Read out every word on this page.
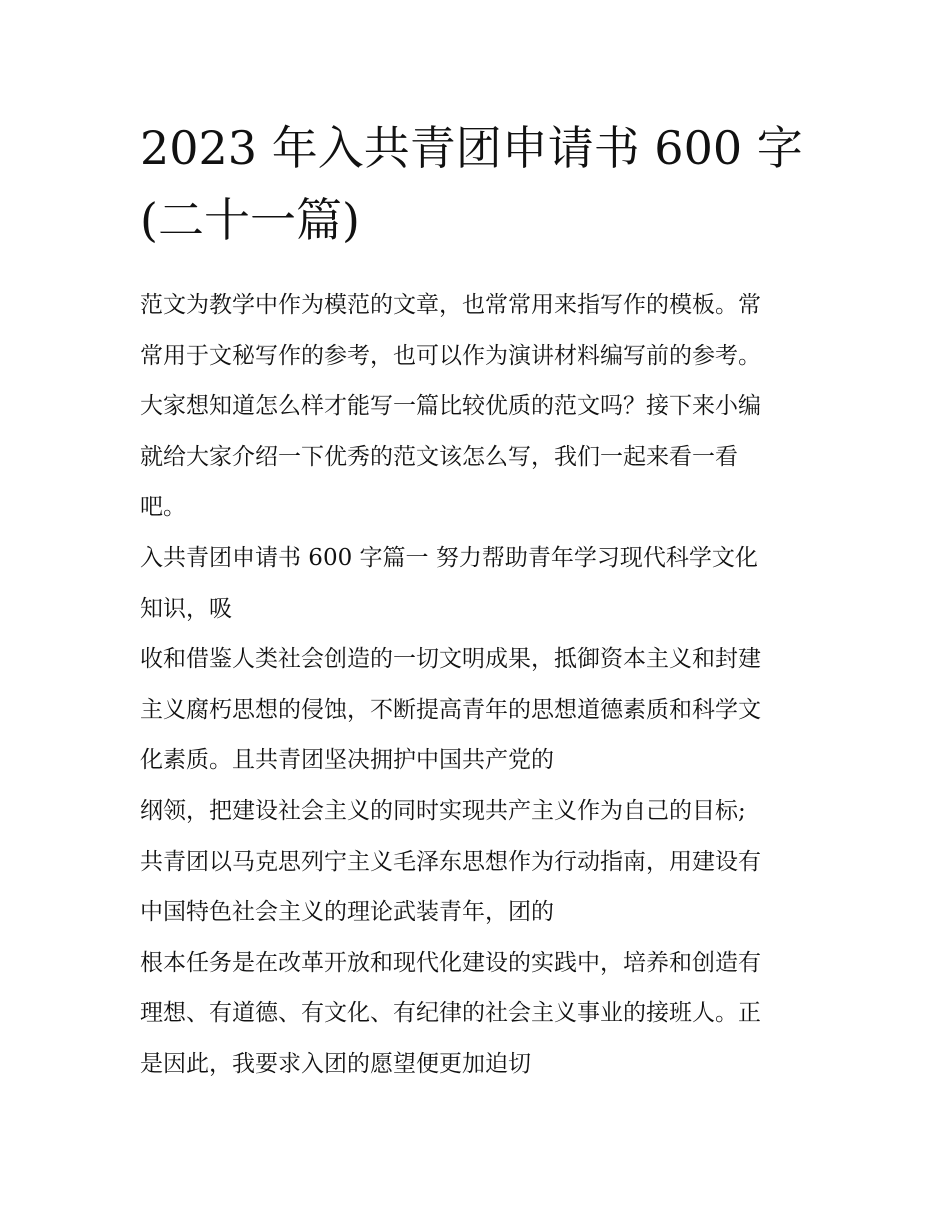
2023 年入共青团申请书 600 字
(二十一篇)

范文为教学中作为模范的文章，也常常用来指写作的模板。常

常用于文秘写作的参考，也可以作为演讲材料编写前的参考。

大家想知道怎么样才能写一篇比较优质的范文吗？接下来小编

就给大家介绍一下优秀的范文该怎么写，我们一起来看一看

吧。

入共青团申请书 600 字篇一 努力帮助青年学习现代科学文化

知识，吸

收和借鉴人类社会创造的一切文明成果，抵御资本主义和封建

主义腐朽思想的侵蚀，不断提高青年的思想道德素质和科学文

化素质。且共青团坚决拥护中国共产党的

纲领，把建设社会主义的同时实现共产主义作为自己的目标;

共青团以马克思列宁主义毛泽东思想作为行动指南，用建设有

中国特色社会主义的理论武装青年，团的

根本任务是在改革开放和现代化建设的实践中，培养和创造有

理想、有道德、有文化、有纪律的社会主义事业的接班人。正

是因此，我要求入团的愿望便更加迫切
